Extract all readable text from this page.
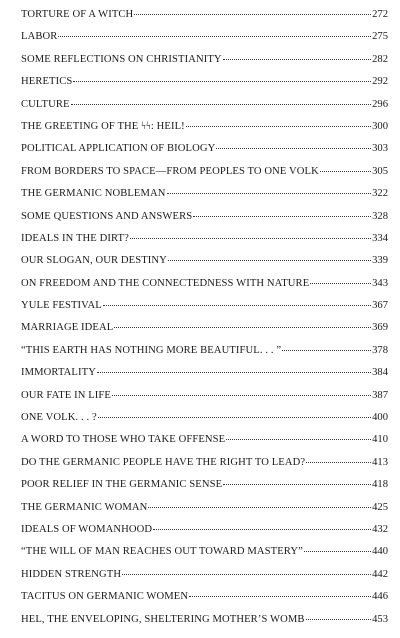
TORTURE OF A WITCH	272
LABOR	275
SOME REFLECTIONS ON CHRISTIANITY	282
HERETICS	292
CULTURE	296
THE GREETING OF THE ϟϟ: HEIL!	300
POLITICAL APPLICATION OF BIOLOGY	303
FROM BORDERS TO SPACE—FROM PEOPLES TO ONE VOLK	305
THE GERMANIC NOBLEMAN	322
SOME QUESTIONS AND ANSWERS	328
IDEALS IN THE DIRT?	334
OUR SLOGAN, OUR DESTINY	339
ON FREEDOM AND THE CONNECTEDNESS WITH NATURE	343
YULE FESTIVAL	367
MARRIAGE IDEAL	369
“THIS EARTH HAS NOTHING MORE BEAUTIFUL. . . ”	378
IMMORTALITY	384
OUR FATE IN LIFE	387
ONE VOLK. . . ?	400
A WORD TO THOSE WHO TAKE OFFENSE	410
DO THE GERMANIC PEOPLE HAVE THE RIGHT TO LEAD?	413
POOR RELIEF IN THE GERMANIC SENSE	418
THE GERMANIC WOMAN	425
IDEALS OF WOMANHOOD	432
“THE WILL OF MAN REACHES OUT TOWARD MASTERY”	440
HIDDEN STRENGTH	442
TACITUS ON GERMANIC WOMEN	446
HEL, THE ENVELOPING, SHELTERING MOTHER’S WOMB	453
